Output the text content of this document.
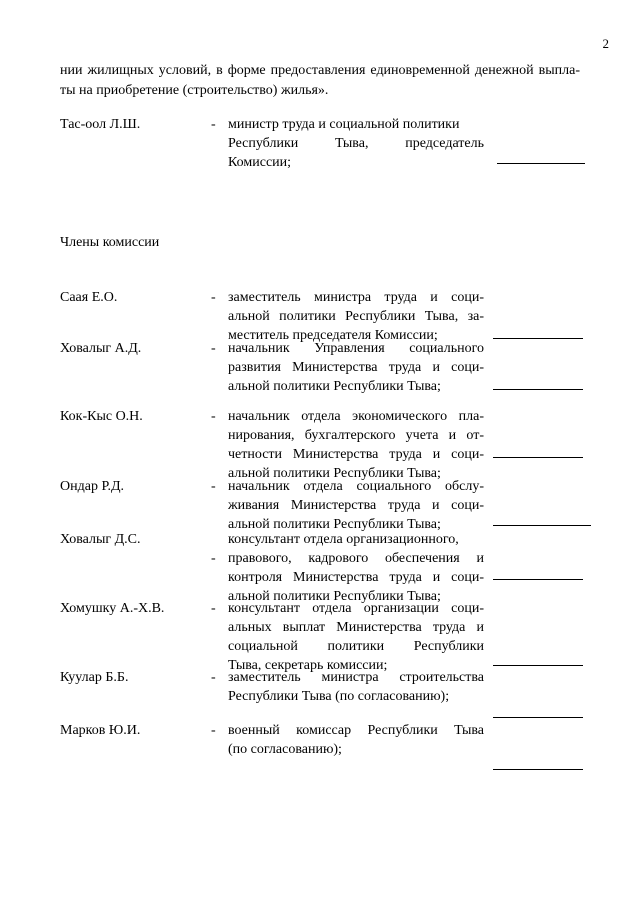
2
нии жилищных условий, в форме предоставления единовременной денежной выпла-
ты на приобретение (строительство) жилья».
Тас-оол Л.Ш.	- министр труда и социальной политики
Республики Тыва, председатель
Комиссии;
Члены комиссии
Саая Е.О.	- заместитель министра труда и соци-
альной политики Республики Тыва, за-
меститель председателя Комиссии;
Ховалыг А.Д.	- начальник Управления социального
развития Министерства труда и соци-
альной политики Республики Тыва;
Кок-Кыс О.Н.	- начальник отдела экономического пла-
нирования, бухгалтерского учета и от-
четности Министерства труда и соци-
альной политики Республики Тыва;
Ондар Р.Д.	- начальник отдела социального обслу-
живания Министерства труда и соци-
альной политики Республики Тыва;
Ховалыг Д.С.
-
консультант отдела организационного,
правового, кадрового обеспечения и
контроля Министерства труда и соци-
альной политики Республики Тыва;
Хомушку А.-Х.В.	- консультант отдела организации соци-
альных выплат Министерства труда и
социальной политики Республики
Тыва, секретарь комиссии;
Куулар Б.Б.	- заместитель министра строительства
Республики Тыва (по согласованию);
Марков Ю.И.	- военный комиссар Республики Тыва
(по согласованию);
